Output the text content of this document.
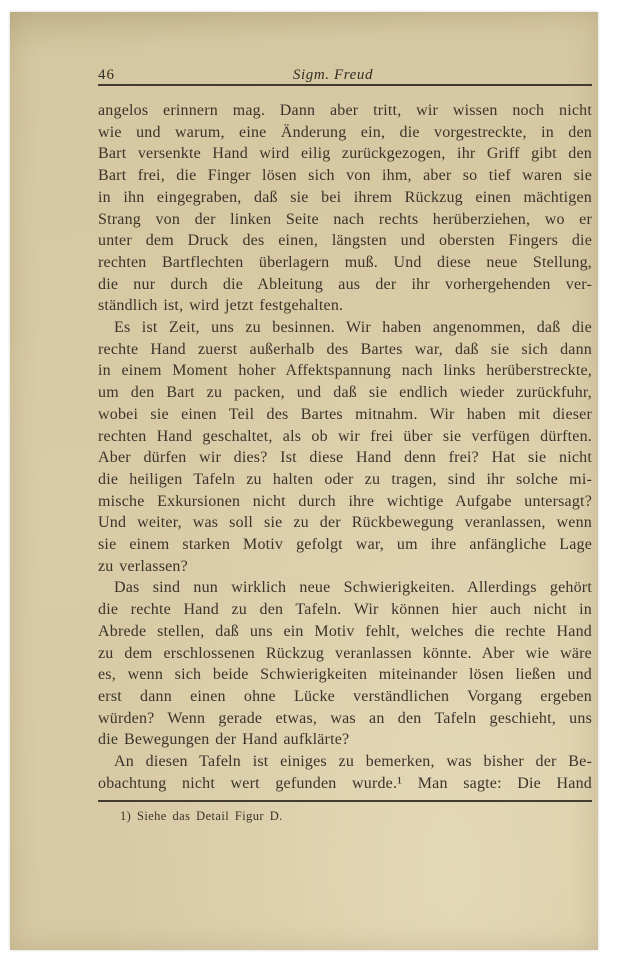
46	Sigm. Freud
angelos erinnern mag. Dann aber tritt, wir wissen noch nicht
wie und warum, eine Änderung ein, die vorgestreckte, in den
Bart versenkte Hand wird eilig zurückgezogen, ihr Griff gibt den
Bart frei, die Finger lösen sich von ihm, aber so tief waren sie
in ihn eingegraben, daß sie bei ihrem Rückzug einen mächtigen
Strang von der linken Seite nach rechts herüberziehen, wo er
unter dem Druck des einen, längsten und obersten Fingers die
rechten Bartflechten überlagern muß. Und diese neue Stellung,
die nur durch die Ableitung aus der ihr vorhergehenden ver-
ständlich ist, wird jetzt festgehalten.
Es ist Zeit, uns zu besinnen. Wir haben angenommen, daß die
rechte Hand zuerst außerhalb des Bartes war, daß sie sich dann
in einem Moment hoher Affektspannung nach links herüberstreckte,
um den Bart zu packen, und daß sie endlich wieder zurückfuhr,
wobei sie einen Teil des Bartes mitnahm. Wir haben mit dieser
rechten Hand geschaltet, als ob wir frei über sie verfügen dürften.
Aber dürfen wir dies? Ist diese Hand denn frei? Hat sie nicht
die heiligen Tafeln zu halten oder zu tragen, sind ihr solche mi-
mische Exkursionen nicht durch ihre wichtige Aufgabe untersagt?
Und weiter, was soll sie zu der Rückbewegung veranlassen, wenn
sie einem starken Motiv gefolgt war, um ihre anfängliche Lage
zu verlassen?
Das sind nun wirklich neue Schwierigkeiten. Allerdings gehört
die rechte Hand zu den Tafeln. Wir können hier auch nicht in
Abrede stellen, daß uns ein Motiv fehlt, welches die rechte Hand
zu dem erschlossenen Rückzug veranlassen könnte. Aber wie wäre
es, wenn sich beide Schwierigkeiten miteinander lösen ließen und
erst dann einen ohne Lücke verständlichen Vorgang ergeben
würden? Wenn gerade etwas, was an den Tafeln geschieht, uns
die Bewegungen der Hand aufklärte?
An diesen Tafeln ist einiges zu bemerken, was bisher der Be-
obachtung nicht wert gefunden wurde.¹ Man sagte: Die Hand
1) Siehe das Detail Figur D.
